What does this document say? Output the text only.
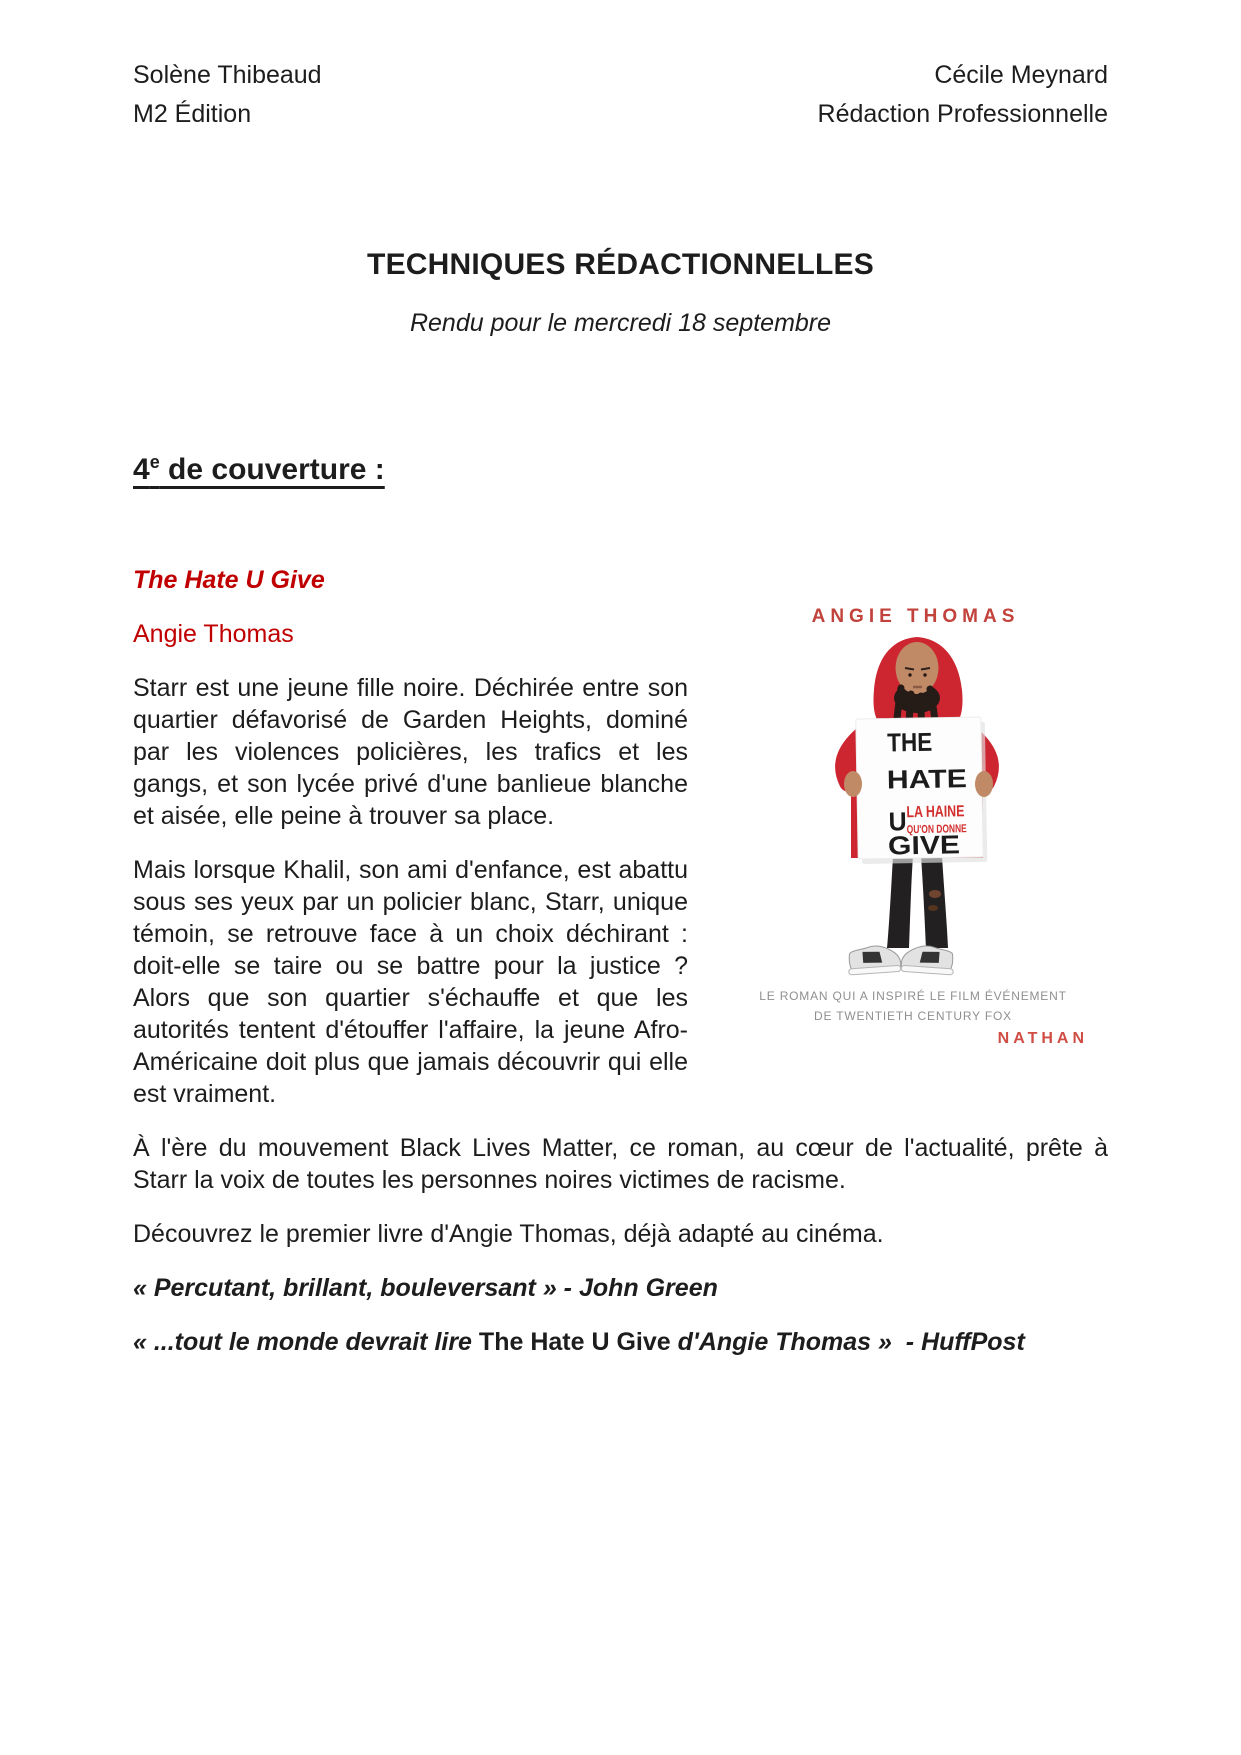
Solène Thibeaud
M2 Édition
Cécile Meynard
Rédaction Professionnelle
TECHNIQUES RÉDACTIONNELLES
Rendu pour le mercredi 18 septembre
4e de couverture :
ANGIE THOMAS
THE
HATE
U
LA HAINE
QU'ON DONNE
GIVE
LE ROMAN QUI A INSPIRÉ LE FILM ÉVÉNEMENT
DE TWENTIETH CENTURY FOX
NATHAN
The Hate U Give
Angie Thomas

Starr est une jeune fille noire. Déchirée entre son quartier défavorisé de Garden Heights, dominé par les violences policières, les trafics et les gangs, et son lycée privé d'une banlieue blanche et aisée, elle peine à trouver sa place.

Mais lorsque Khalil, son ami d'enfance, est abattu sous ses yeux par un policier blanc, Starr, unique témoin, se retrouve face à un choix déchirant : doit-elle se taire ou se battre pour la justice ? Alors que son quartier s'échauffe et que les autorités tentent d'étouffer l'affaire, la jeune Afro-Américaine doit plus que jamais découvrir qui elle est vraiment.

À l'ère du mouvement Black Lives Matter, ce roman, au cœur de l'actualité, prête à Starr la voix de toutes les personnes noires victimes de racisme.

Découvrez le premier livre d'Angie Thomas, déjà adapté au cinéma.

« Percutant, brillant, bouleversant » - John Green

« ...tout le monde devrait lire The Hate U Give d'Angie Thomas »  - HuffPost
